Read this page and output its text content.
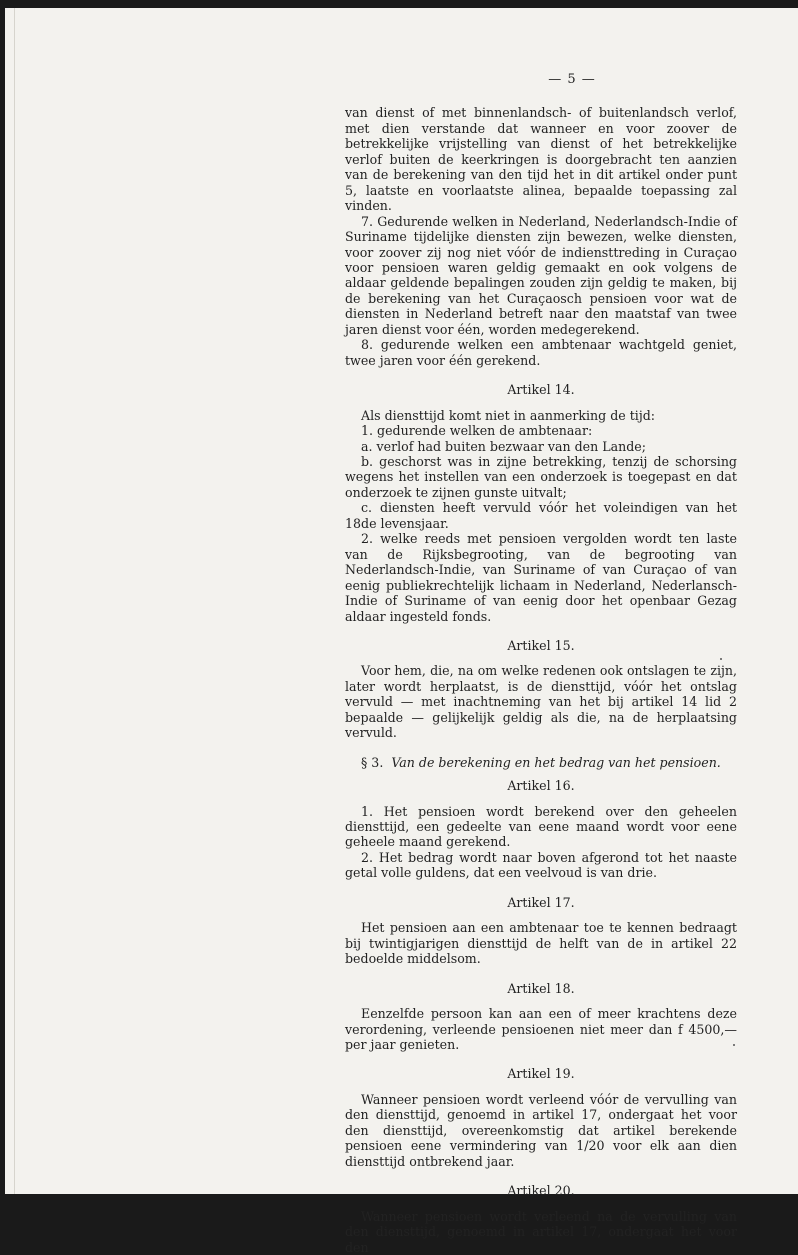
— 5 —

van dienst of met binnenlandsch- of buitenlandsch verlof, met dien verstande dat wanneer en voor zoover de betrekkelijke vrijstelling van dienst of het betrekkelijke verlof buiten de keerkringen is doorgebracht ten aanzien van de berekening van den tijd het in dit artikel onder punt 5, laatste en voorlaatste alinea, bepaalde toepassing zal vinden.

7. Gedurende welken in Nederland, Nederlandsch-Indie of Suriname tijdelijke diensten zijn bewezen, welke diensten, voor zoover zij nog niet vóór de indiensttreding in Curaçao voor pensioen waren geldig gemaakt en ook volgens de aldaar geldende bepalingen zouden zijn geldig te maken, bij de berekening van het Curaçaosch pensioen voor wat de diensten in Nederland betreft naar den maatstaf van twee jaren dienst voor één, worden medegerekend.

8. gedurende welken een ambtenaar wachtgeld geniet, twee jaren voor één gerekend.

Artikel 14.

Als diensttijd komt niet in aanmerking de tijd:

1. gedurende welken de ambtenaar:

a. verlof had buiten bezwaar van den Lande;

b. geschorst was in zijne betrekking, tenzij de schorsing wegens het instellen van een onderzoek is toegepast en dat onderzoek te zijnen gunste uitvalt;

c. diensten heeft vervuld vóór het voleindigen van het 18de levensjaar.

2. welke reeds met pensioen vergolden wordt ten laste van de Rijksbegrooting, van de begrooting van Nederlandsch-Indie, van Suriname of van Curaçao of van eenig publiekrechtelijk lichaam in Nederland, Nederlansch-Indie of Suriname of van eenig door het openbaar Gezag aldaar ingesteld fonds.

Artikel 15.

Voor hem, die, na om welke redenen ook ontslagen te zijn, later wordt herplaatst, is de diensttijd, vóór het ontslag vervuld — met inachtneming van het bij artikel 14 lid 2 bepaalde — gelijkelijk geldig als die, na de herplaatsing vervuld.

§ 3. Van de berekening en het bedrag van het pensioen.
Artikel 16.

1. Het pensioen wordt berekend over den geheelen diensttijd, een gedeelte van eene maand wordt voor eene geheele maand gerekend.

2. Het bedrag wordt naar boven afgerond tot het naaste getal volle guldens, dat een veelvoud is van drie.

Artikel 17.

Het pensioen aan een ambtenaar toe te kennen bedraagt bij twintigjarigen diensttijd de helft van de in artikel 22 bedoelde middelsom.

Artikel 18.

Eenzelfde persoon kan aan een of meer krachtens deze verordening, verleende pensioenen niet meer dan f 4500,— per jaar genieten.

Artikel 19.

Wanneer pensioen wordt verleend vóór de vervulling van den diensttijd, genoemd in artikel 17, ondergaat het voor den diensttijd, overeenkomstig dat artikel berekende pensioen eene vermindering van 1/20 voor elk aan dien diensttijd ontbrekend jaar.

Artikel 20.

Wanneer pensioen wordt verleend na de vervulling van den diensttijd, genoemd in artikel 17, ondergaat het voor den
